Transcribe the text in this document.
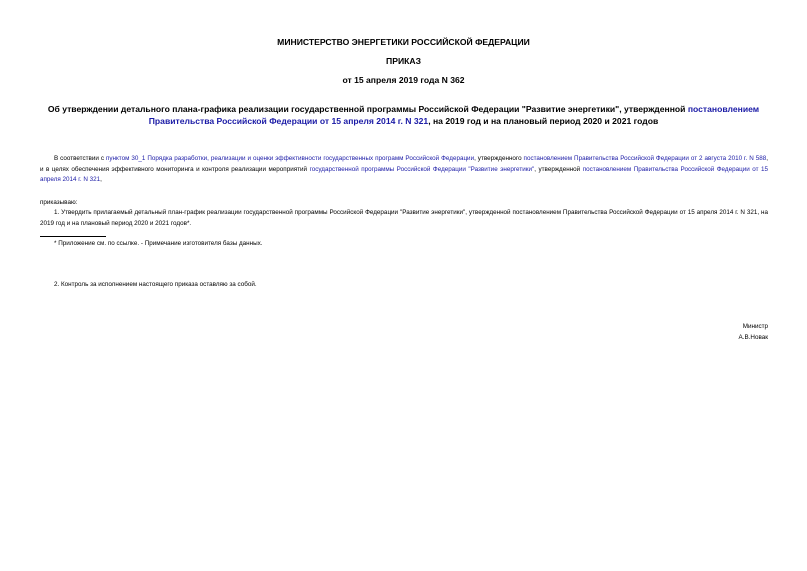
МИНИСТЕРСТВО ЭНЕРГЕТИКИ РОССИЙСКОЙ ФЕДЕРАЦИИ
ПРИКАЗ
от 15 апреля 2019 года N 362
Об утверждении детального плана-графика реализации государственной программы Российской Федерации "Развитие энергетики", утвержденной постановлением Правительства Российской Федерации от 15 апреля 2014 г. N 321, на 2019 год и на плановый период 2020 и 2021 годов
В соответствии с пунктом 30_1 Порядка разработки, реализации и оценки эффективности государственных программ Российской Федерации, утвержденного постановлением Правительства Российской Федерации от 2 августа 2010 г. N 588, и в целях обеспечения эффективного мониторинга и контроля реализации мероприятий государственной программы Российской Федерации "Развитие энергетики", утвержденной постановлением Правительства Российской Федерации от 15 апреля 2014 г. N 321,
приказываю:
1. Утвердить прилагаемый детальный план-график реализации государственной программы Российской Федерации "Развитие энергетики", утвержденной постановлением Правительства Российской Федерации от 15 апреля 2014 г. N 321, на 2019 год и на плановый период 2020 и 2021 годов*.
* Приложение см. по ссылке. - Примечание изготовителя базы данных.
2. Контроль за исполнением настоящего приказа оставляю за собой.
Министр
А.В.Новак
